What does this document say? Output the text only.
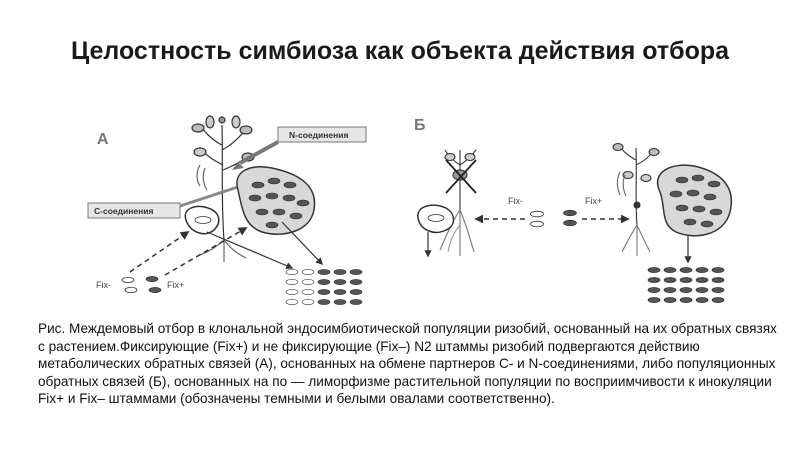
Целостность симбиоза как объекта действия отбора
А	N-соединения
С-соединения
Fix-	Fix+
Б
Fix-	Fix+
Рис. Междемовый отбор в клональной эндосимбиотической популяции ризобий, основанный на их обратных связях с растением.Фиксирующие (Fix+) и не фиксирующие (Fix–) N2 штаммы ризобий подвергаются действию метаболических обратных связей (А), основанных на обмене партнеров С- и N-соединениями, либо популяционных обратных связей (Б), основанных на по — лиморфизме растительной популяции по восприимчивости к инокуляции Fix+ и Fix– штаммами (обозначены темными и белыми овалами соответственно).
